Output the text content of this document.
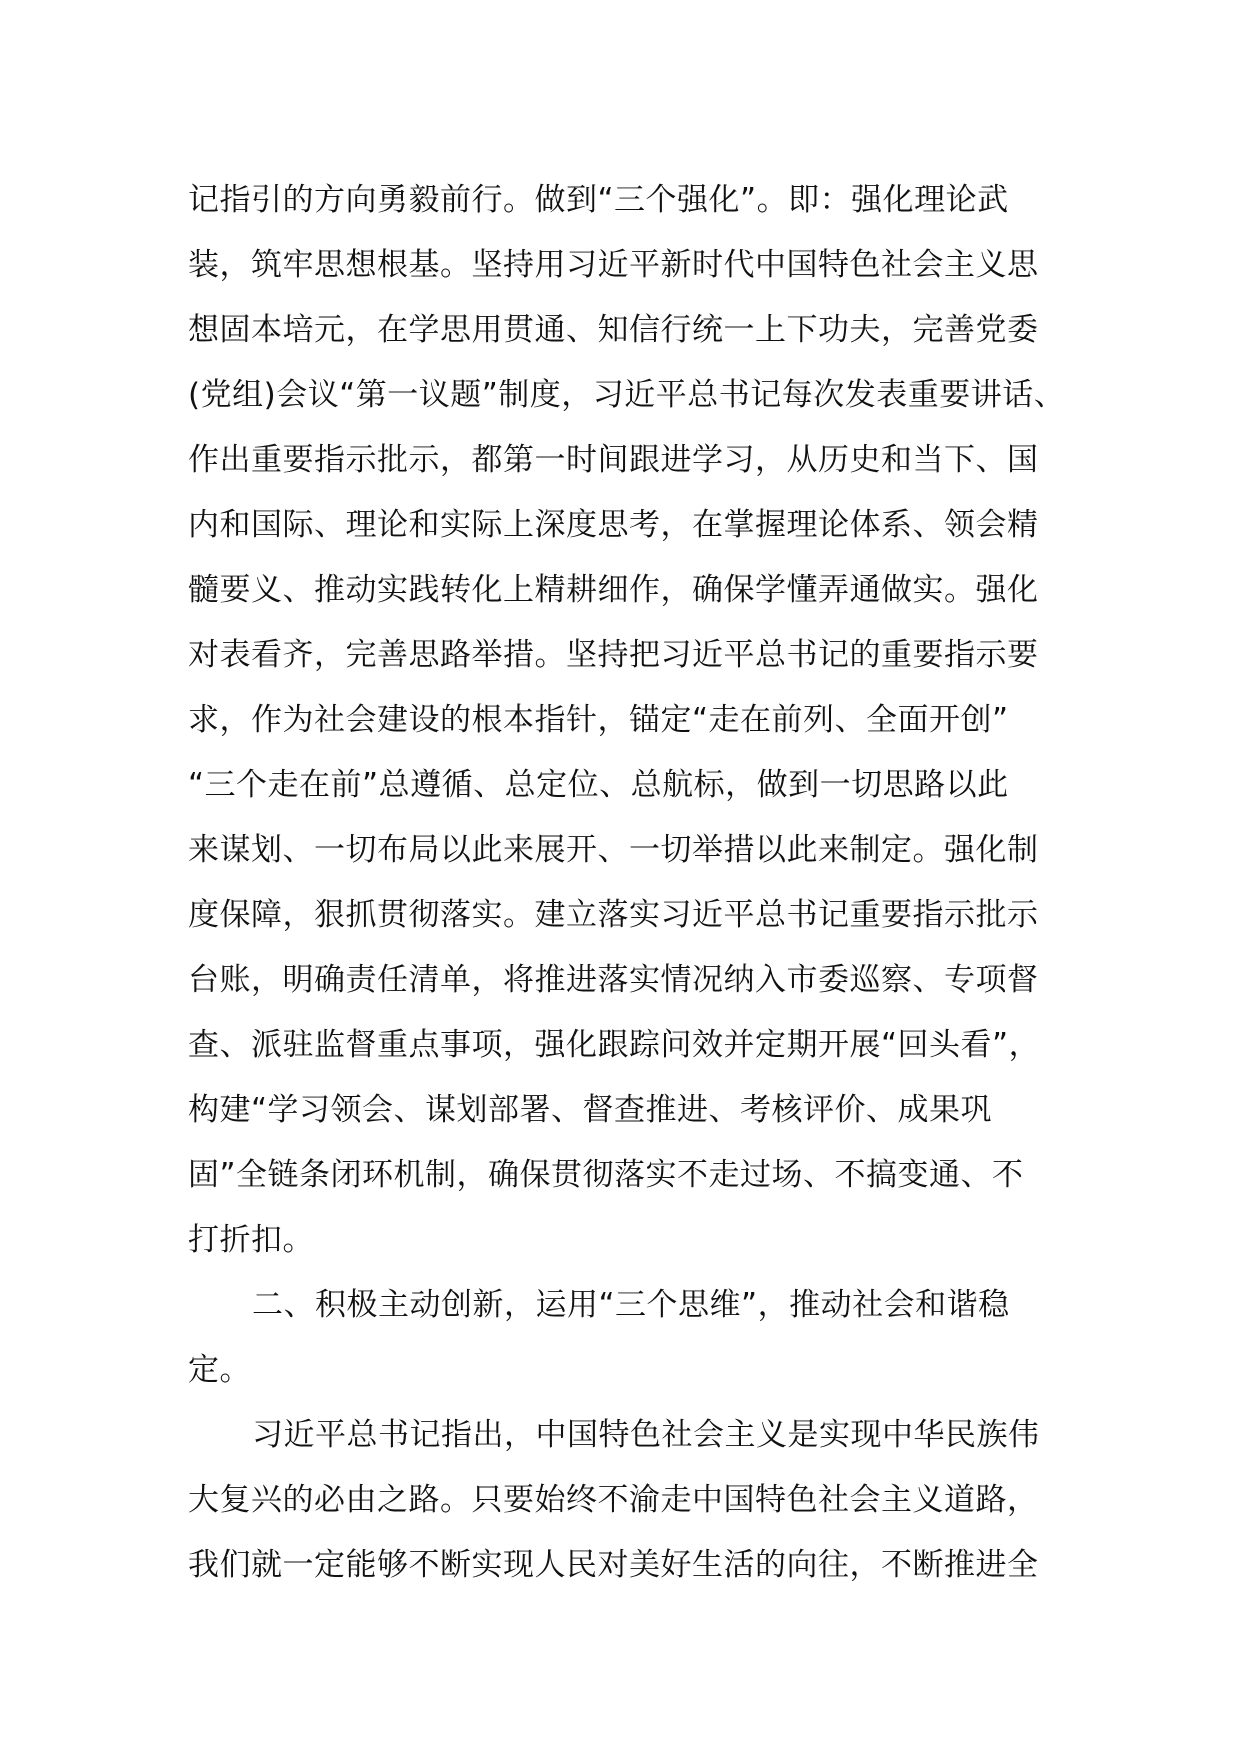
记指引的方向勇毅前行。做到“三个强化”。即：强化理论武
装，筑牢思想根基。坚持用习近平新时代中国特色社会主义思
想固本培元，在学思用贯通、知信行统一上下功夫，完善党委
(党组)会议“第一议题”制度，习近平总书记每次发表重要讲话、
作出重要指示批示，都第一时间跟进学习，从历史和当下、国
内和国际、理论和实际上深度思考，在掌握理论体系、领会精
髓要义、推动实践转化上精耕细作，确保学懂弄通做实。强化
对表看齐，完善思路举措。坚持把习近平总书记的重要指示要
求，作为社会建设的根本指针，锚定“走在前列、全面开创”
“三个走在前”总遵循、总定位、总航标，做到一切思路以此
来谋划、一切布局以此来展开、一切举措以此来制定。强化制
度保障，狠抓贯彻落实。建立落实习近平总书记重要指示批示
台账，明确责任清单，将推进落实情况纳入市委巡察、专项督
查、派驻监督重点事项，强化跟踪问效并定期开展“回头看”，
构建“学习领会、谋划部署、督查推进、考核评价、成果巩
固”全链条闭环机制，确保贯彻落实不走过场、不搞变通、不
打折扣。
二、积极主动创新，运用“三个思维”，推动社会和谐稳
定。
习近平总书记指出，中国特色社会主义是实现中华民族伟
大复兴的必由之路。只要始终不渝走中国特色社会主义道路，
我们就一定能够不断实现人民对美好生活的向往，不断推进全
